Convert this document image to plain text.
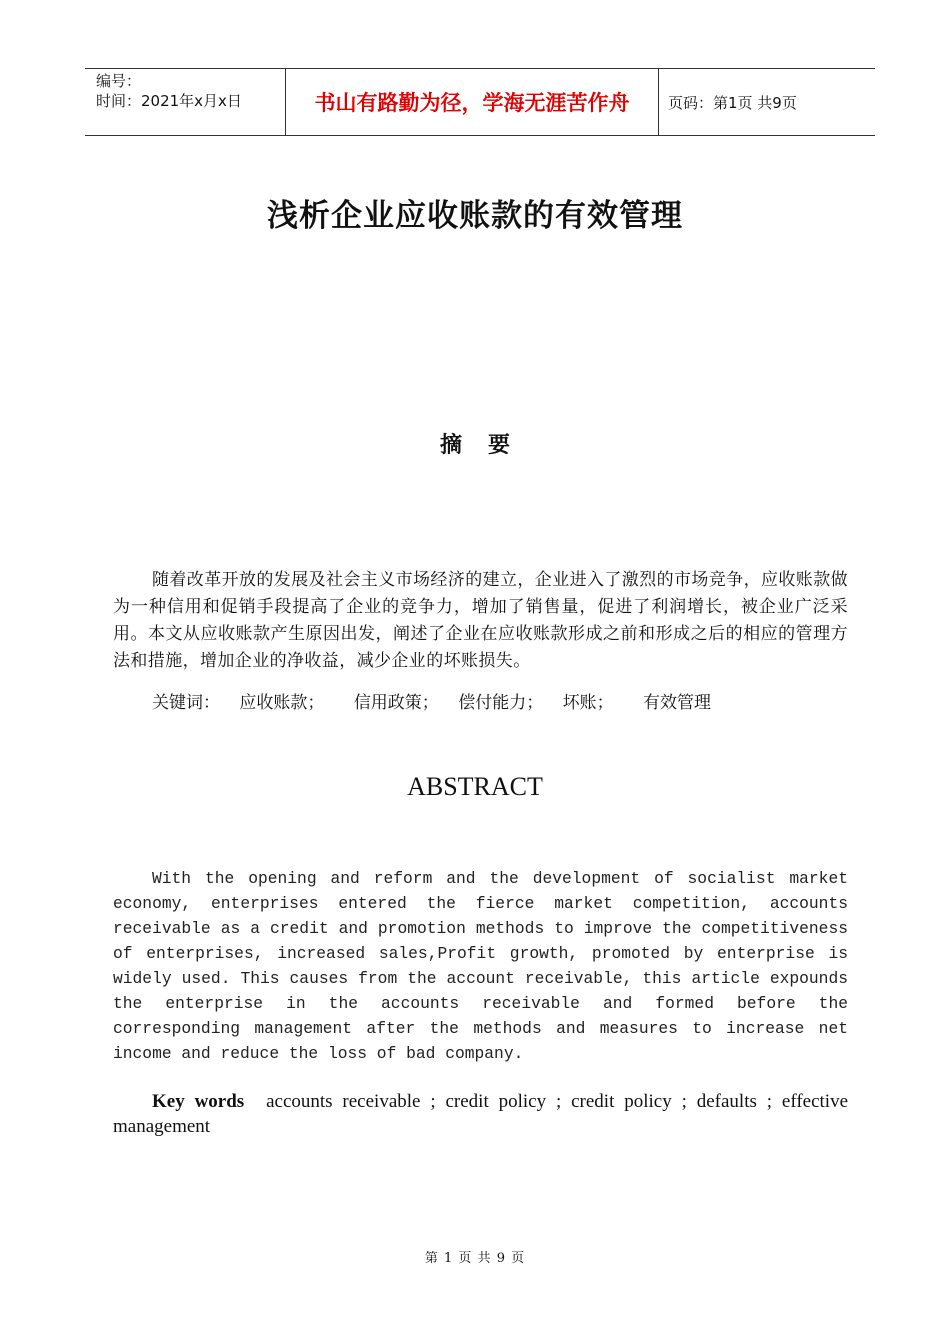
编号：
时间：2021年x月x日	书山有路勤为径，学海无涯苦作舟	页码：第1页 共9页
浅析企业应收账款的有效管理
摘要
随着改革开放的发展及社会主义市场经济的建立，企业进入了激烈的市场竞争，应收账款做为一种信用和促销手段提高了企业的竞争力，增加了销售量，促进了利润增长，被企业广泛采用。本文从应收账款产生原因出发，阐述了企业在应收账款形成之前和形成之后的相应的管理方法和措施，增加企业的净收益，减少企业的坏账损失。
关键词： 应收账款； 信用政策； 偿付能力； 坏账； 有效管理
ABSTRACT
With the opening and reform and the development of socialist market economy, enterprises entered the fierce market competition, accounts receivable as a credit and promotion methods to improve the competitiveness of enterprises, increased sales,Profit growth, promoted by enterprise is widely used. This causes from the account receivable, this article expounds the enterprise in the accounts receivable and formed before the corresponding management after the methods and measures to increase net income and reduce the loss of bad company.
Key words accounts receivable ; credit policy ; credit policy ; defaults ; effective management
第 1 页 共 9 页
